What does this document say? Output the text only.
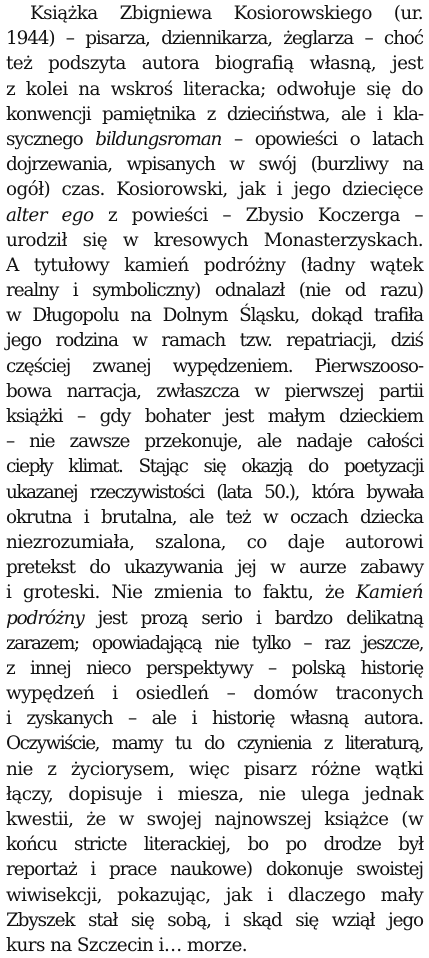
Książka Zbigniewa Kosiorowskiego (ur.
1944) – pisarza, dziennikarza, żeglarza – choć
też podszyta autora biografią własną, jest
z kolei na wskroś literacka; odwołuje się do
konwencji pamiętnika z dzieciństwa, ale i kla-
sycznego bildungsroman – opowieści o latach
dojrzewania, wpisanych w swój (burzliwy na
ogół) czas. Kosiorowski, jak i jego dziecięce
alter ego z powieści – Zbysio Koczerga –
urodził się w kresowych Monasterzyskach.
A tytułowy kamień podróżny (ładny wątek
realny i symboliczny) odnalazł (nie od razu)
w Długopolu na Dolnym Śląsku, dokąd trafiła
jego rodzina w ramach tzw. repatriacji, dziś
częściej zwanej wypędzeniem. Pierwszooso-
bowa narracja, zwłaszcza w pierwszej partii
książki – gdy bohater jest małym dzieckiem
– nie zawsze przekonuje, ale nadaje całości
ciepły klimat. Stając się okazją do poetyzacji
ukazanej rzeczywistości (lata 50.), która bywała
okrutna i brutalna, ale też w oczach dziecka
niezrozumiała, szalona, co daje autorowi
pretekst do ukazywania jej w aurze zabawy
i groteski. Nie zmienia to faktu, że Kamień
podróżny jest prozą serio i bardzo delikatną
zarazem; opowiadającą nie tylko – raz jeszcze,
z innej nieco perspektywy – polską historię
wypędzeń i osiedleń – domów traconych
i zyskanych – ale i historię własną autora.
Oczywiście, mamy tu do czynienia z literaturą,
nie z życiorysem, więc pisarz różne wątki
łączy, dopisuje i miesza, nie ulega jednak
kwestii, że w swojej najnowszej książce (w
końcu stricte literackiej, bo po drodze był
reportaż i prace naukowe) dokonuje swoistej
wiwisekcji, pokazując, jak i dlaczego mały
Zbyszek stał się sobą, i skąd się wziął jego
kurs na Szczecin i… morze.
